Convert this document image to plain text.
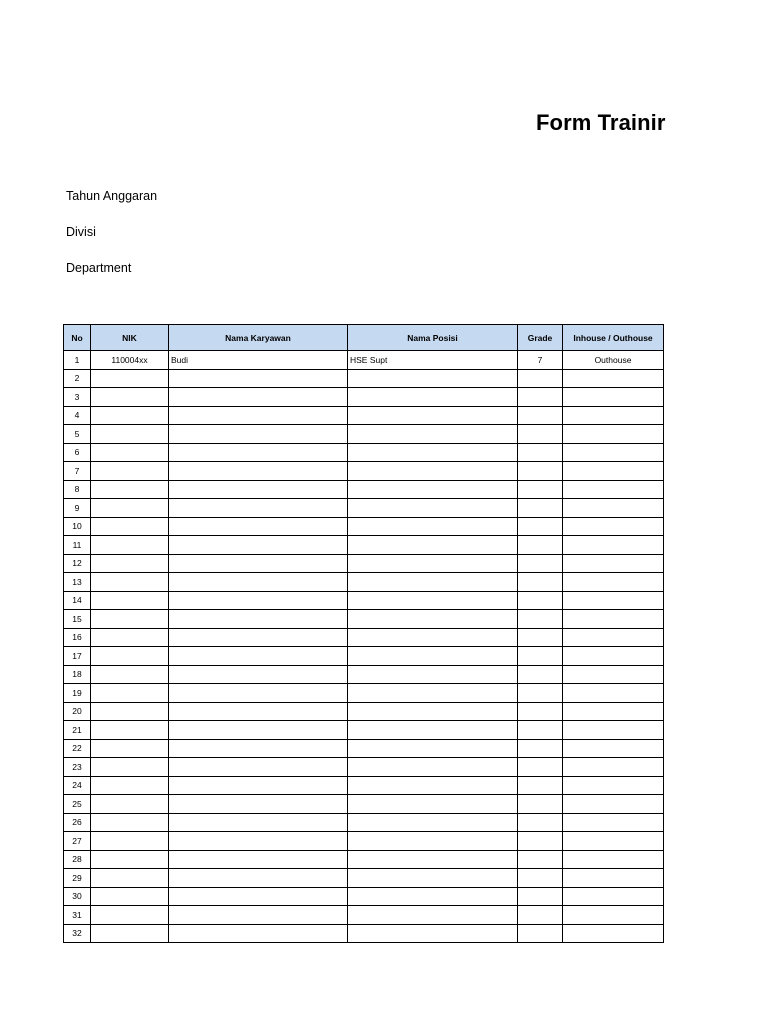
Form Trainir
Tahun Anggaran
Divisi
Department
No	NIK	Nama Karyawan	Nama Posisi	Grade	Inhouse / Outhouse
1	110004xx	Budi	HSE Supt	7	Outhouse
2					
3					
4					
5					
6					
7					
8					
9					
10					
11					
12					
13					
14					
15					
16					
17					
18					
19					
20					
21					
22					
23					
24					
25					
26					
27					
28					
29					
30					
31					
32					
